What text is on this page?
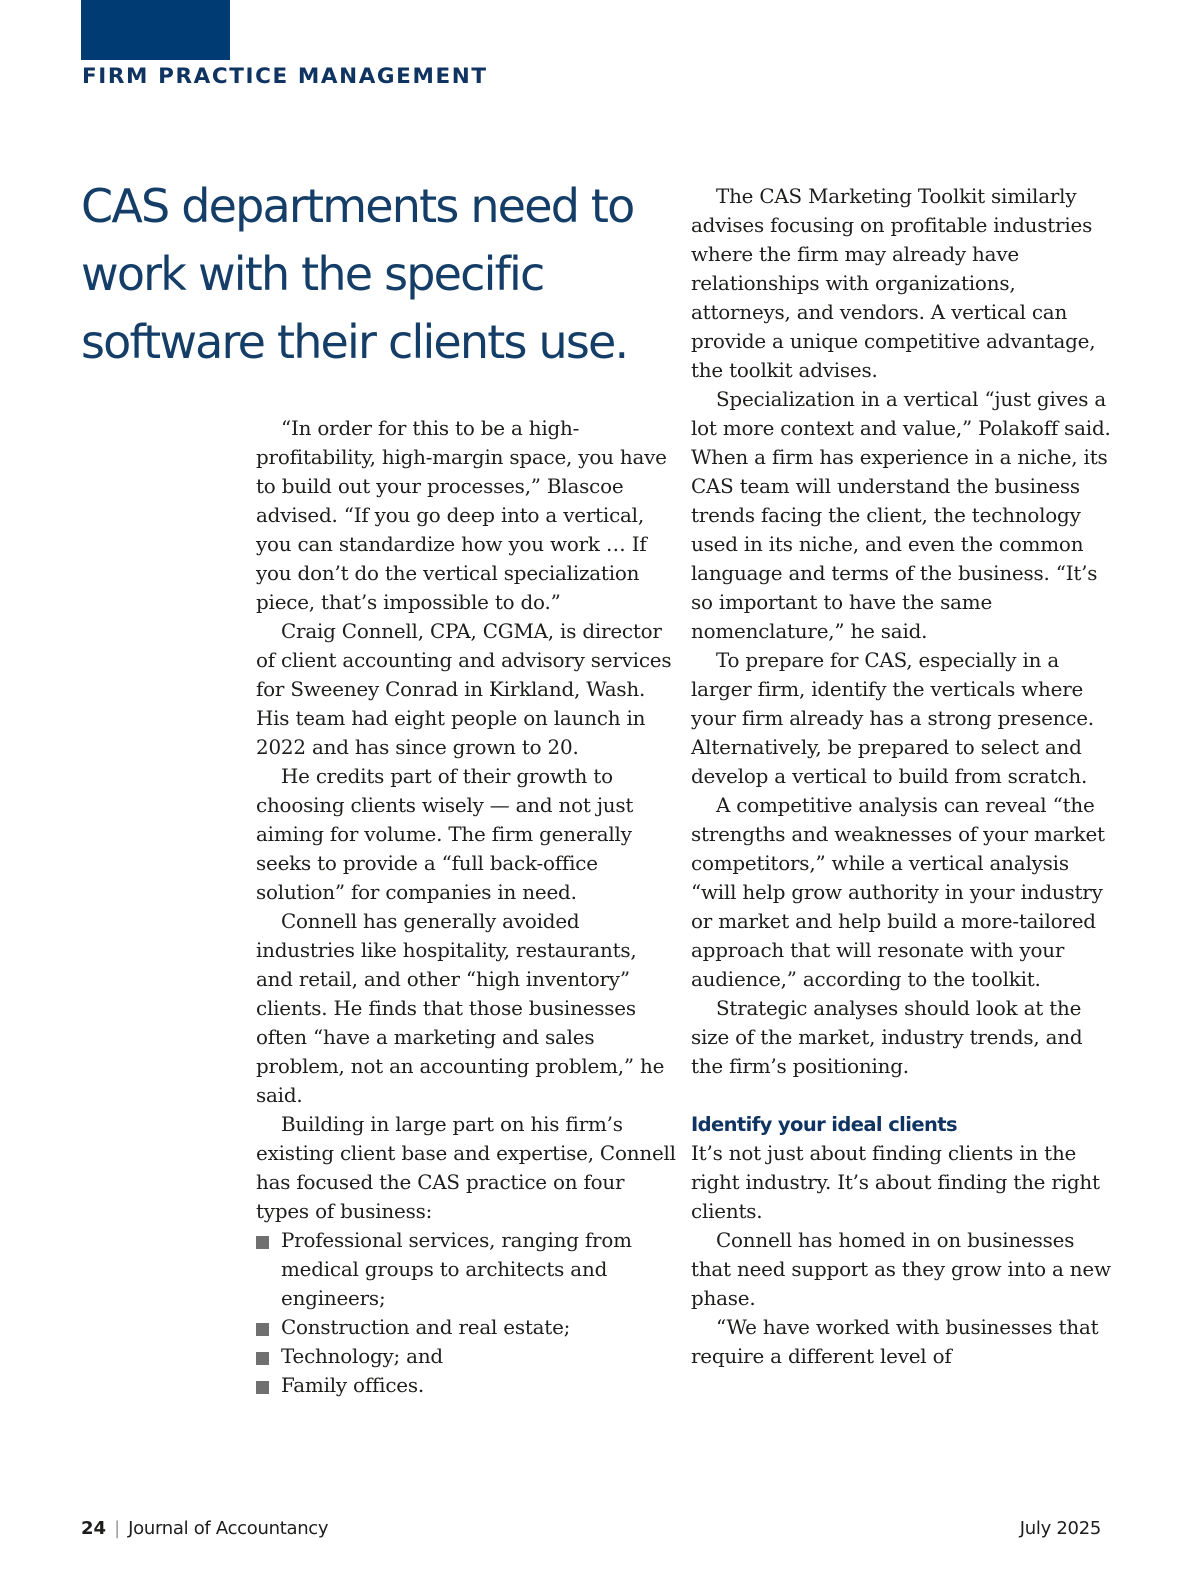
FIRM PRACTICE MANAGEMENT
CAS departments need to work with the specific software their clients use.

“In order for this to be a high-profitability, high-margin space, you have to build out your processes,” Blascoe advised. “If you go deep into a vertical, you can standardize how you work … If you don’t do the vertical specialization piece, that’s impossible to do.”

Craig Connell, CPA, CGMA, is director of client accounting and advisory services for Sweeney Conrad in Kirkland, Wash. His team had eight people on launch in 2022 and has since grown to 20.

He credits part of their growth to choosing clients wisely — and not just aiming for volume. The firm generally seeks to provide a “full back-office solution” for companies in need.

Connell has generally avoided industries like hospitality, restaurants, and retail, and other “high inventory” clients. He finds that those businesses often “have a marketing and sales problem, not an accounting problem,” he said.

Building in large part on his firm’s existing client base and expertise, Connell has focused the CAS practice on four types of business:

Professional services, ranging from medical groups to architects and engineers;
Construction and real estate;
Technology; and
Family offices.

The CAS Marketing Toolkit similarly advises focusing on profitable industries where the firm may already have relationships with organizations, attorneys, and vendors. A vertical can provide a unique competitive advantage, the toolkit advises.

Specialization in a vertical “just gives a lot more context and value,” Polakoff said. When a firm has experience in a niche, its CAS team will understand the business trends facing the client, the technology used in its niche, and even the common language and terms of the business. “It’s so important to have the same nomenclature,” he said.

To prepare for CAS, especially in a larger firm, identify the verticals where your firm already has a strong presence. Alternatively, be prepared to select and develop a vertical to build from scratch.

A competitive analysis can reveal “the strengths and weaknesses of your market competitors,” while a vertical analysis “will help grow authority in your industry or market and help build a more-tailored approach that will resonate with your audience,” according to the toolkit.

Strategic analyses should look at the size of the market, industry trends, and the firm’s positioning.

Identify your ideal clients

It’s not just about finding clients in the right industry. It’s about finding the right clients.

Connell has homed in on businesses that need support as they grow into a new phase.

“We have worked with businesses that require a different level of

24 | Journal of Accountancy	July 2025
